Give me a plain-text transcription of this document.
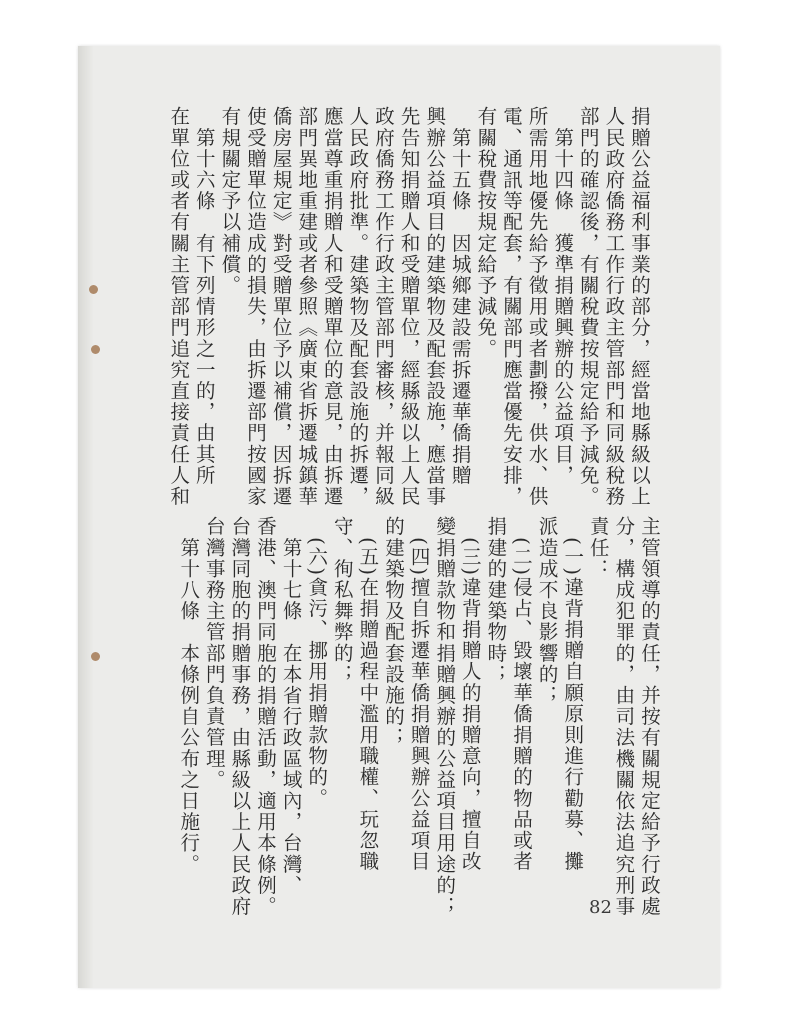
捐贈公益福利事業的部分，經當地縣級以上
人民政府僑務工作行政主管部門和同級稅務
部門的確認後，有關稅費按規定給予減免。
　第十四條　獲準捐贈興辦的公益項目，
所需用地優先給予徵用或者劃撥，供水、供
電、通訊等配套，有關部門應當優先安排，
有關稅費按規定給予減免。
　第十五條　因城鄉建設需拆遷華僑捐贈
興辦公益項目的建築物及配套設施，應當事
先告知捐贈人和受贈單位，經縣級以上人民
政府僑務工作行政主管部門審核，并報同級
人民政府批準。建築物及配套設施的拆遷，
應當尊重捐贈人和受贈單位的意見，由拆遷
部門異地重建或者參照《廣東省拆遷城鎮華
僑房屋規定》對受贈單位予以補償，因拆遷
使受贈單位造成的損失，由拆遷部門按國家
有規關定予以補償。
　第十六條　有下列情形之一的，由其所
在單位或者有關主管部門追究直接責任人和
主管領導的責任，并按有關規定給予行政處
分，構成犯罪的，由司法機關依法追究刑事
責任：
　(一)違背捐贈自願原則進行勸募、攤
派造成不良影響的；
　(二)侵占、毀壞華僑捐贈的物品或者
捐建的建築物時；
　(三)違背捐贈人的捐贈意向，擅自改
變捐贈款物和捐贈興辦的公益項目用途的；
　(四)擅自拆遷華僑捐贈興辦公益項目
的建築物及配套設施的；
　(五)在捐贈過程中濫用職權、玩忽職
守、徇私舞弊的；
　(六)貪污、挪用捐贈款物的。
　第十七條　在本省行政區域內，台灣、
香港、澳門同胞的捐贈活動，適用本條例。
台灣同胞的捐贈事務，由縣級以上人民政府
台灣事務主管部門負責管理。
　第十八條　本條例自公布之日施行。
82
